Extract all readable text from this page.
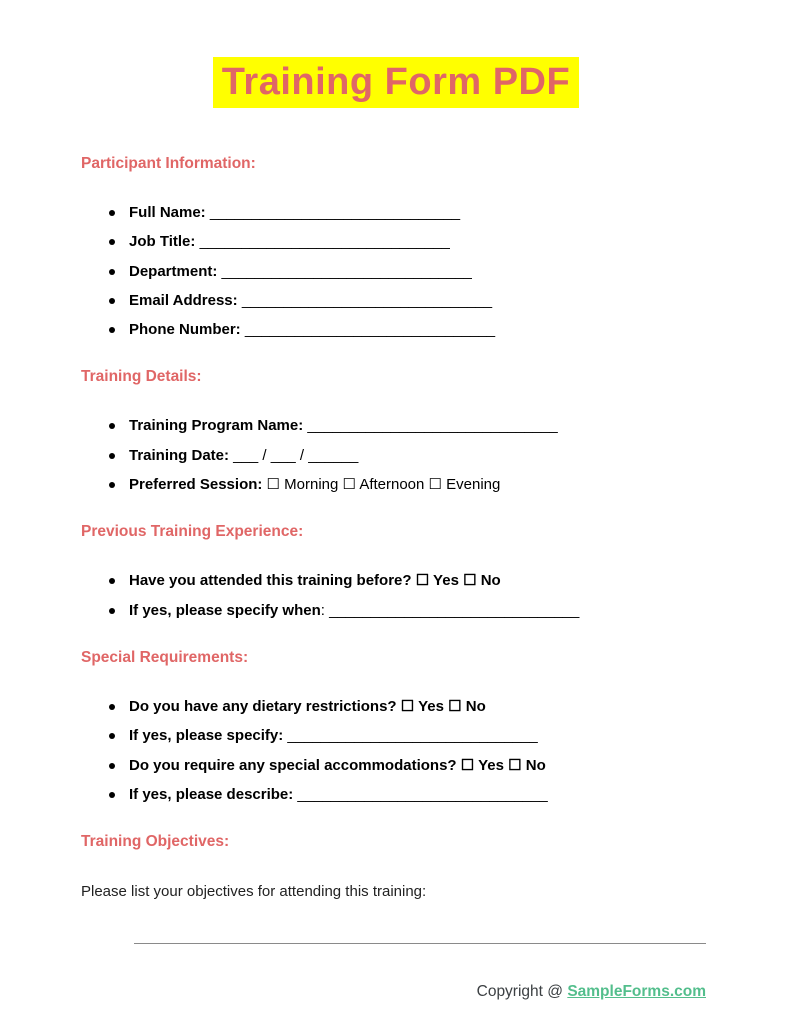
Training Form PDF
Participant Information:
Full Name: ______________________________
Job Title: ______________________________
Department: ______________________________
Email Address: ______________________________
Phone Number: ______________________________
Training Details:
Training Program Name: ______________________________
Training Date: ___ / ___ / ______
Preferred Session: ☐ Morning ☐ Afternoon ☐ Evening
Previous Training Experience:
Have you attended this training before? ☐ Yes ☐ No
If yes, please specify when: ______________________________
Special Requirements:
Do you have any dietary restrictions? ☐ Yes ☐ No
If yes, please specify: ______________________________
Do you require any special accommodations? ☐ Yes ☐ No
If yes, please describe: ______________________________
Training Objectives:

Please list your objectives for attending this training:

Copyright @ SampleForms.com
